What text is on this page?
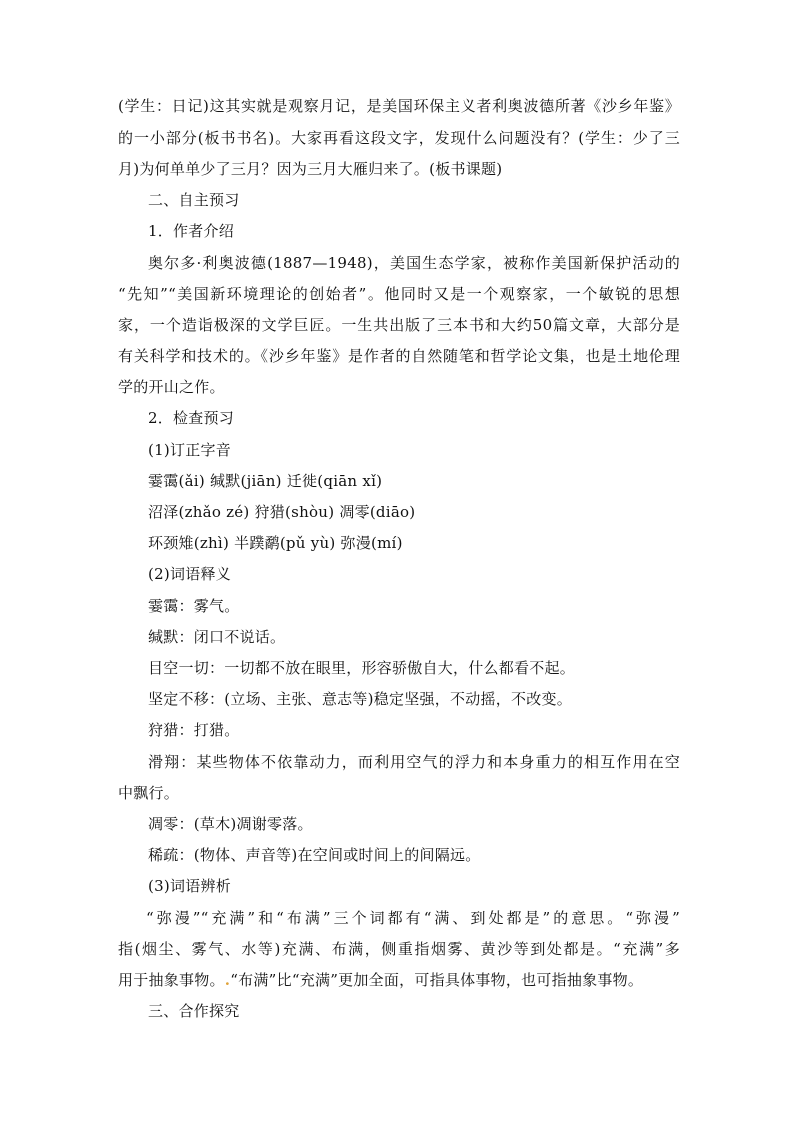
(学生：日记)这其实就是观察月记，是美国环保主义者利奥波德所著《沙乡年鉴》
的一小部分(板书书名)。大家再看这段文字，发现什么问题没有？(学生：少了三
月)为何单单少了三月？因为三月大雁归来了。(板书课题)
二、自主预习
1．作者介绍
奥尔多·利奥波德(1887—1948)，美国生态学家，被称作美国新保护活动的
“先知”“美国新环境理论的创始者”。他同时又是一个观察家，一个敏锐的思想
家，一个造诣极深的文学巨匠。一生共出版了三本书和大约50篇文章，大部分是
有关科学和技术的。《沙乡年鉴》是作者的自然随笔和哲学论文集，也是土地伦理
学的开山之作。
2．检查预习
(1)订正字音
霎霭(ǎi) 缄默(jiān) 迁徙(qiān xǐ)
沼泽(zhǎo zé) 狩猎(shòu) 凋零(diāo)
环颈雉(zhì) 半蹼鹬(pǔ yù) 弥漫(mí)
(2)词语释义
霎霭：雾气。
缄默：闭口不说话。
目空一切：一切都不放在眼里，形容骄傲自大，什么都看不起。
坚定不移：(立场、主张、意志等)稳定坚强，不动摇，不改变。
狩猎：打猎。
滑翔：某些物体不依靠动力，而利用空气的浮力和本身重力的相互作用在空
中飘行。
凋零：(草木)凋谢零落。
稀疏：(物体、声音等)在空间或时间上的间隔远。
(3)词语辨析
“弥漫”“充满”和“布满”三个词都有“满、到处都是”的意思。“弥漫”
指(烟尘、雾气、水等)充满、布满，侧重指烟雾、黄沙等到处都是。“充满”多
用于抽象事物。.“布满”比“充满”更加全面，可指具体事物，也可指抽象事物。
三、合作探究
